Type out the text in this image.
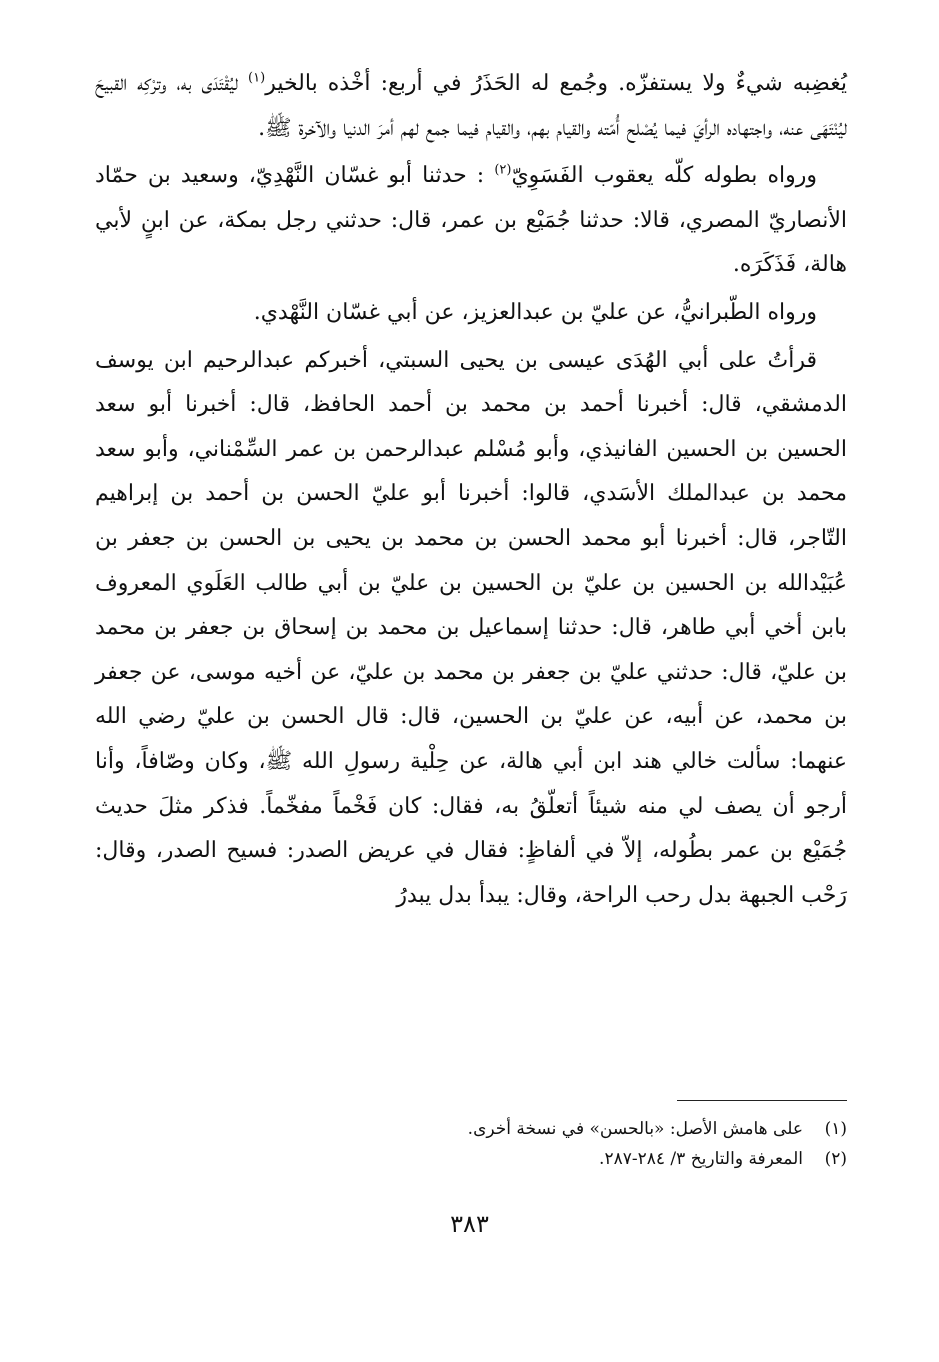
يُغضِبه شيءٌ ولا يستفزّه. وجُمع له الحَذَرُ في أربع: أخْذه بالخير$^{(١)}$ ليُقْتَدَى به، وترْكِه القبيحَ ليُنْتَهَى عنه، واجتهاده الرأيَ فيما يُصْلح أُمّته والقيام بهم، والقيام فيما جمع لهم أمرَ الدنيا والآخرة ﷺ.

ورواه بطوله كلّه يعقوب الفَسَوِيّ$^{(٢)}$ : حدثنا أبو غسّان النَّهْدِيّ، وسعيد بن حمّاد الأنصاريّ المصري، قالا: حدثنا جُمَيْع بن عمر، قال: حدثني رجل بمكة، عن ابنٍ لأبي هالة، فَذَكَرَه.

ورواه الطّبرانيُّ، عن عليّ بن عبدالعزيز، عن أبي غسّان النَّهْدي.

قرأتُ على أبي الهُدَى عيسى بن يحيى السبتي، أخبركم عبدالرحيم ابن يوسف الدمشقي، قال: أخبرنا أحمد بن محمد بن أحمد الحافظ، قال: أخبرنا أبو سعد الحسين بن الحسين الفانيذي، وأبو مُسْلم عبدالرحمن بن عمر السِّمْناني، وأبو سعد محمد بن عبدالملك الأسَدي، قالوا: أخبرنا أبو عليّ الحسن بن أحمد بن إبراهيم التّاجر، قال: أخبرنا أبو محمد الحسن بن محمد بن يحيى بن الحسن بن جعفر بن عُبَيْدالله بن الحسين بن عليّ بن الحسين بن عليّ بن أبي طالب العَلَوي المعروف بابن أخي أبي طاهر، قال: حدثنا إسماعيل بن محمد بن إسحاق بن جعفر بن محمد بن عليّ، قال: حدثني عليّ بن جعفر بن محمد بن عليّ، عن أخيه موسى، عن جعفر بن محمد، عن أبيه، عن عليّ بن الحسين، قال: قال الحسن بن عليّ رضي الله عنهما: سألت خالي هند ابن أبي هالة، عن حِلْية رسولِ الله ﷺ، وكان وصّافاً، وأنا أرجو أن يصف لي منه شيئاً أتعلّقُ به، فقال: كان فَخْماً مفخّماً. فذكر مثلَ حديث جُمَيْع بن عمر بطُوله، إلاّ في ألفاظٍ: فقال في عريض الصدر: فسيح الصدر، وقال: رَحْب الجبهة بدل رحب الراحة، وقال: يبدأ بدل يبدرُ

(١)
على هامش الأصل: «بالحسن» في نسخة أخرى.
(٢)
المعرفة والتاريخ ٣/ ٢٨٤-٢٨٧.
٣٨٣
